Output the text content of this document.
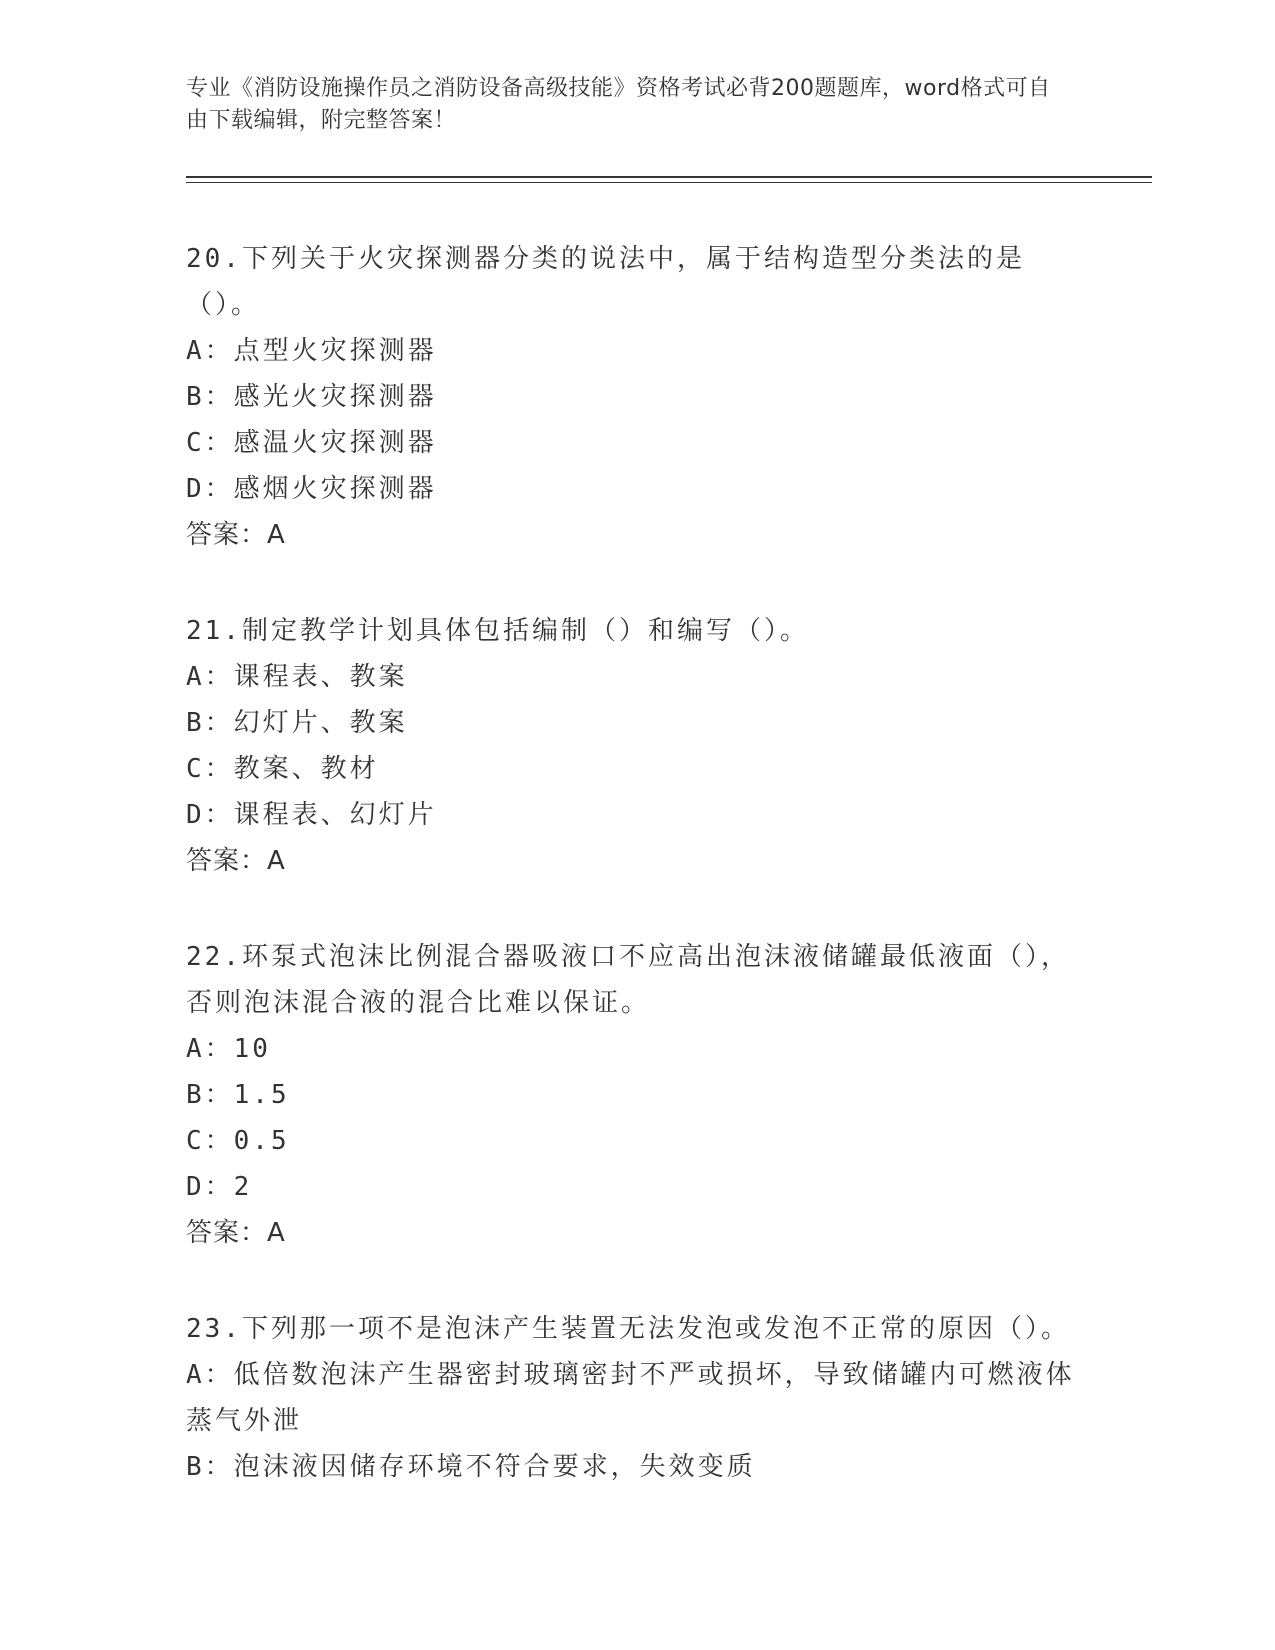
专业《消防设施操作员之消防设备高级技能》资格考试必背200题题库，word格式可自由下载编辑，附完整答案！
20.下列关于火灾探测器分类的说法中，属于结构造型分类法的是（）。
A：点型火灾探测器
B：感光火灾探测器
C：感温火灾探测器
D：感烟火灾探测器
答案：A
21.制定教学计划具体包括编制（）和编写（）。
A：课程表、教案
B：幻灯片、教案
C：教案、教材
D：课程表、幻灯片
答案：A
22.环泵式泡沫比例混合器吸液口不应高出泡沫液储罐最低液面（），否则泡沫混合液的混合比难以保证。
A：10
B：1.5
C：0.5
D：2
答案：A
23.下列那一项不是泡沫产生装置无法发泡或发泡不正常的原因（）。
A：低倍数泡沫产生器密封玻璃密封不严或损坏，导致储罐内可燃液体蒸气外泄
B：泡沫液因储存环境不符合要求，失效变质
